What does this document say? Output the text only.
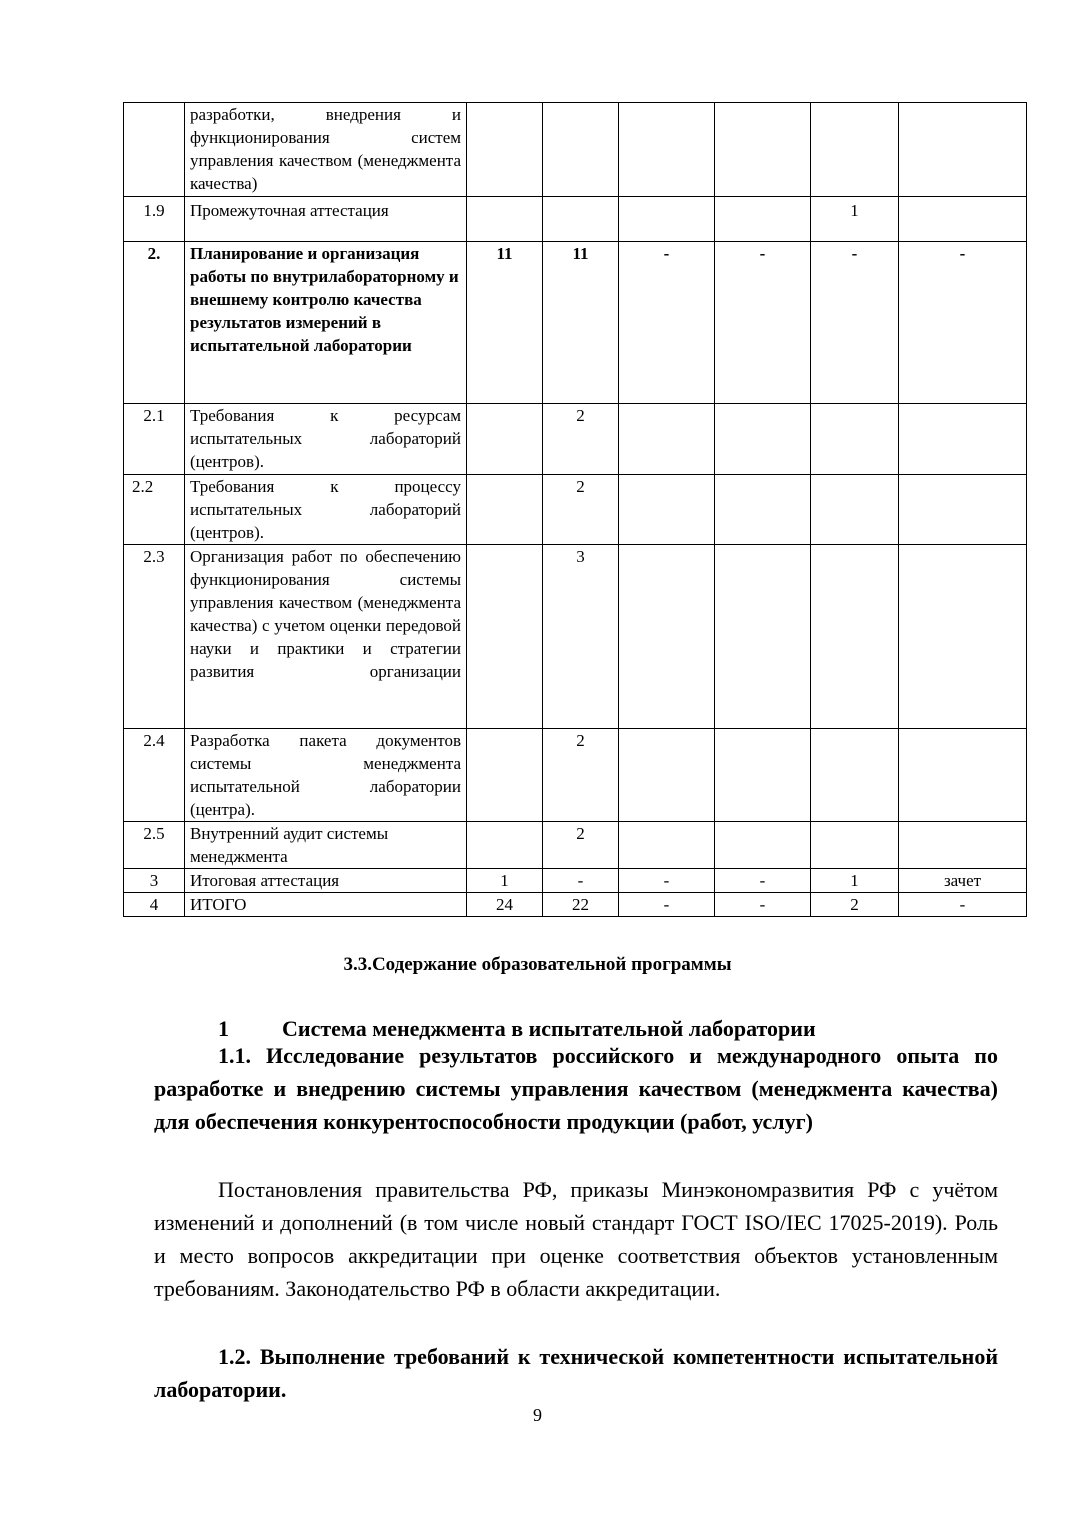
	разработки, внедрения и функционирования систем управления качеством (менеджмента качества)						
1.9	Промежуточная аттестация					1	
2.	Планирование и организация работы по внутрилабораторному и внешнему контролю качества результатов измерений в испытательной лаборатории	11	11	-	-	-	-
2.1	Требования к ресурсам испытательных лабораторий (центров).		2				
2.2	Требования к процессу испытательных лабораторий (центров).		2				
2.3	Организация работ по обеспечению функционирования системы управления качеством (менеджмента качества) с учетом оценки передовой науки и практики и стратегии развития организации		3				
2.4	Разработка пакета документов системы менеджмента испытательной лаборатории (центра).		2				
2.5	Внутренний аудит системы менеджмента		2				
3	Итоговая аттестация	1	-	-	-	1	зачет
4	ИТОГО	24	22	-	-	2	-
3.3.Содержание образовательной программы
1 Система менеджмента в испытательной лаборатории
1.1. Исследование результатов российского и международного опыта по разработке и внедрению системы управления качеством (менеджмента качества) для обеспечения конкурентоспособности продукции (работ, услуг)
Постановления правительства РФ, приказы Минэкономразвития РФ с учётом изменений и дополнений (в том числе новый стандарт ГОСТ ISO/IEC 17025-2019). Роль и место вопросов аккредитации при оценке соответствия объектов установленным требованиям. Законодательство РФ в области аккредитации.
1.2. Выполнение требований к технической компетентности испытательной лаборатории.
9
